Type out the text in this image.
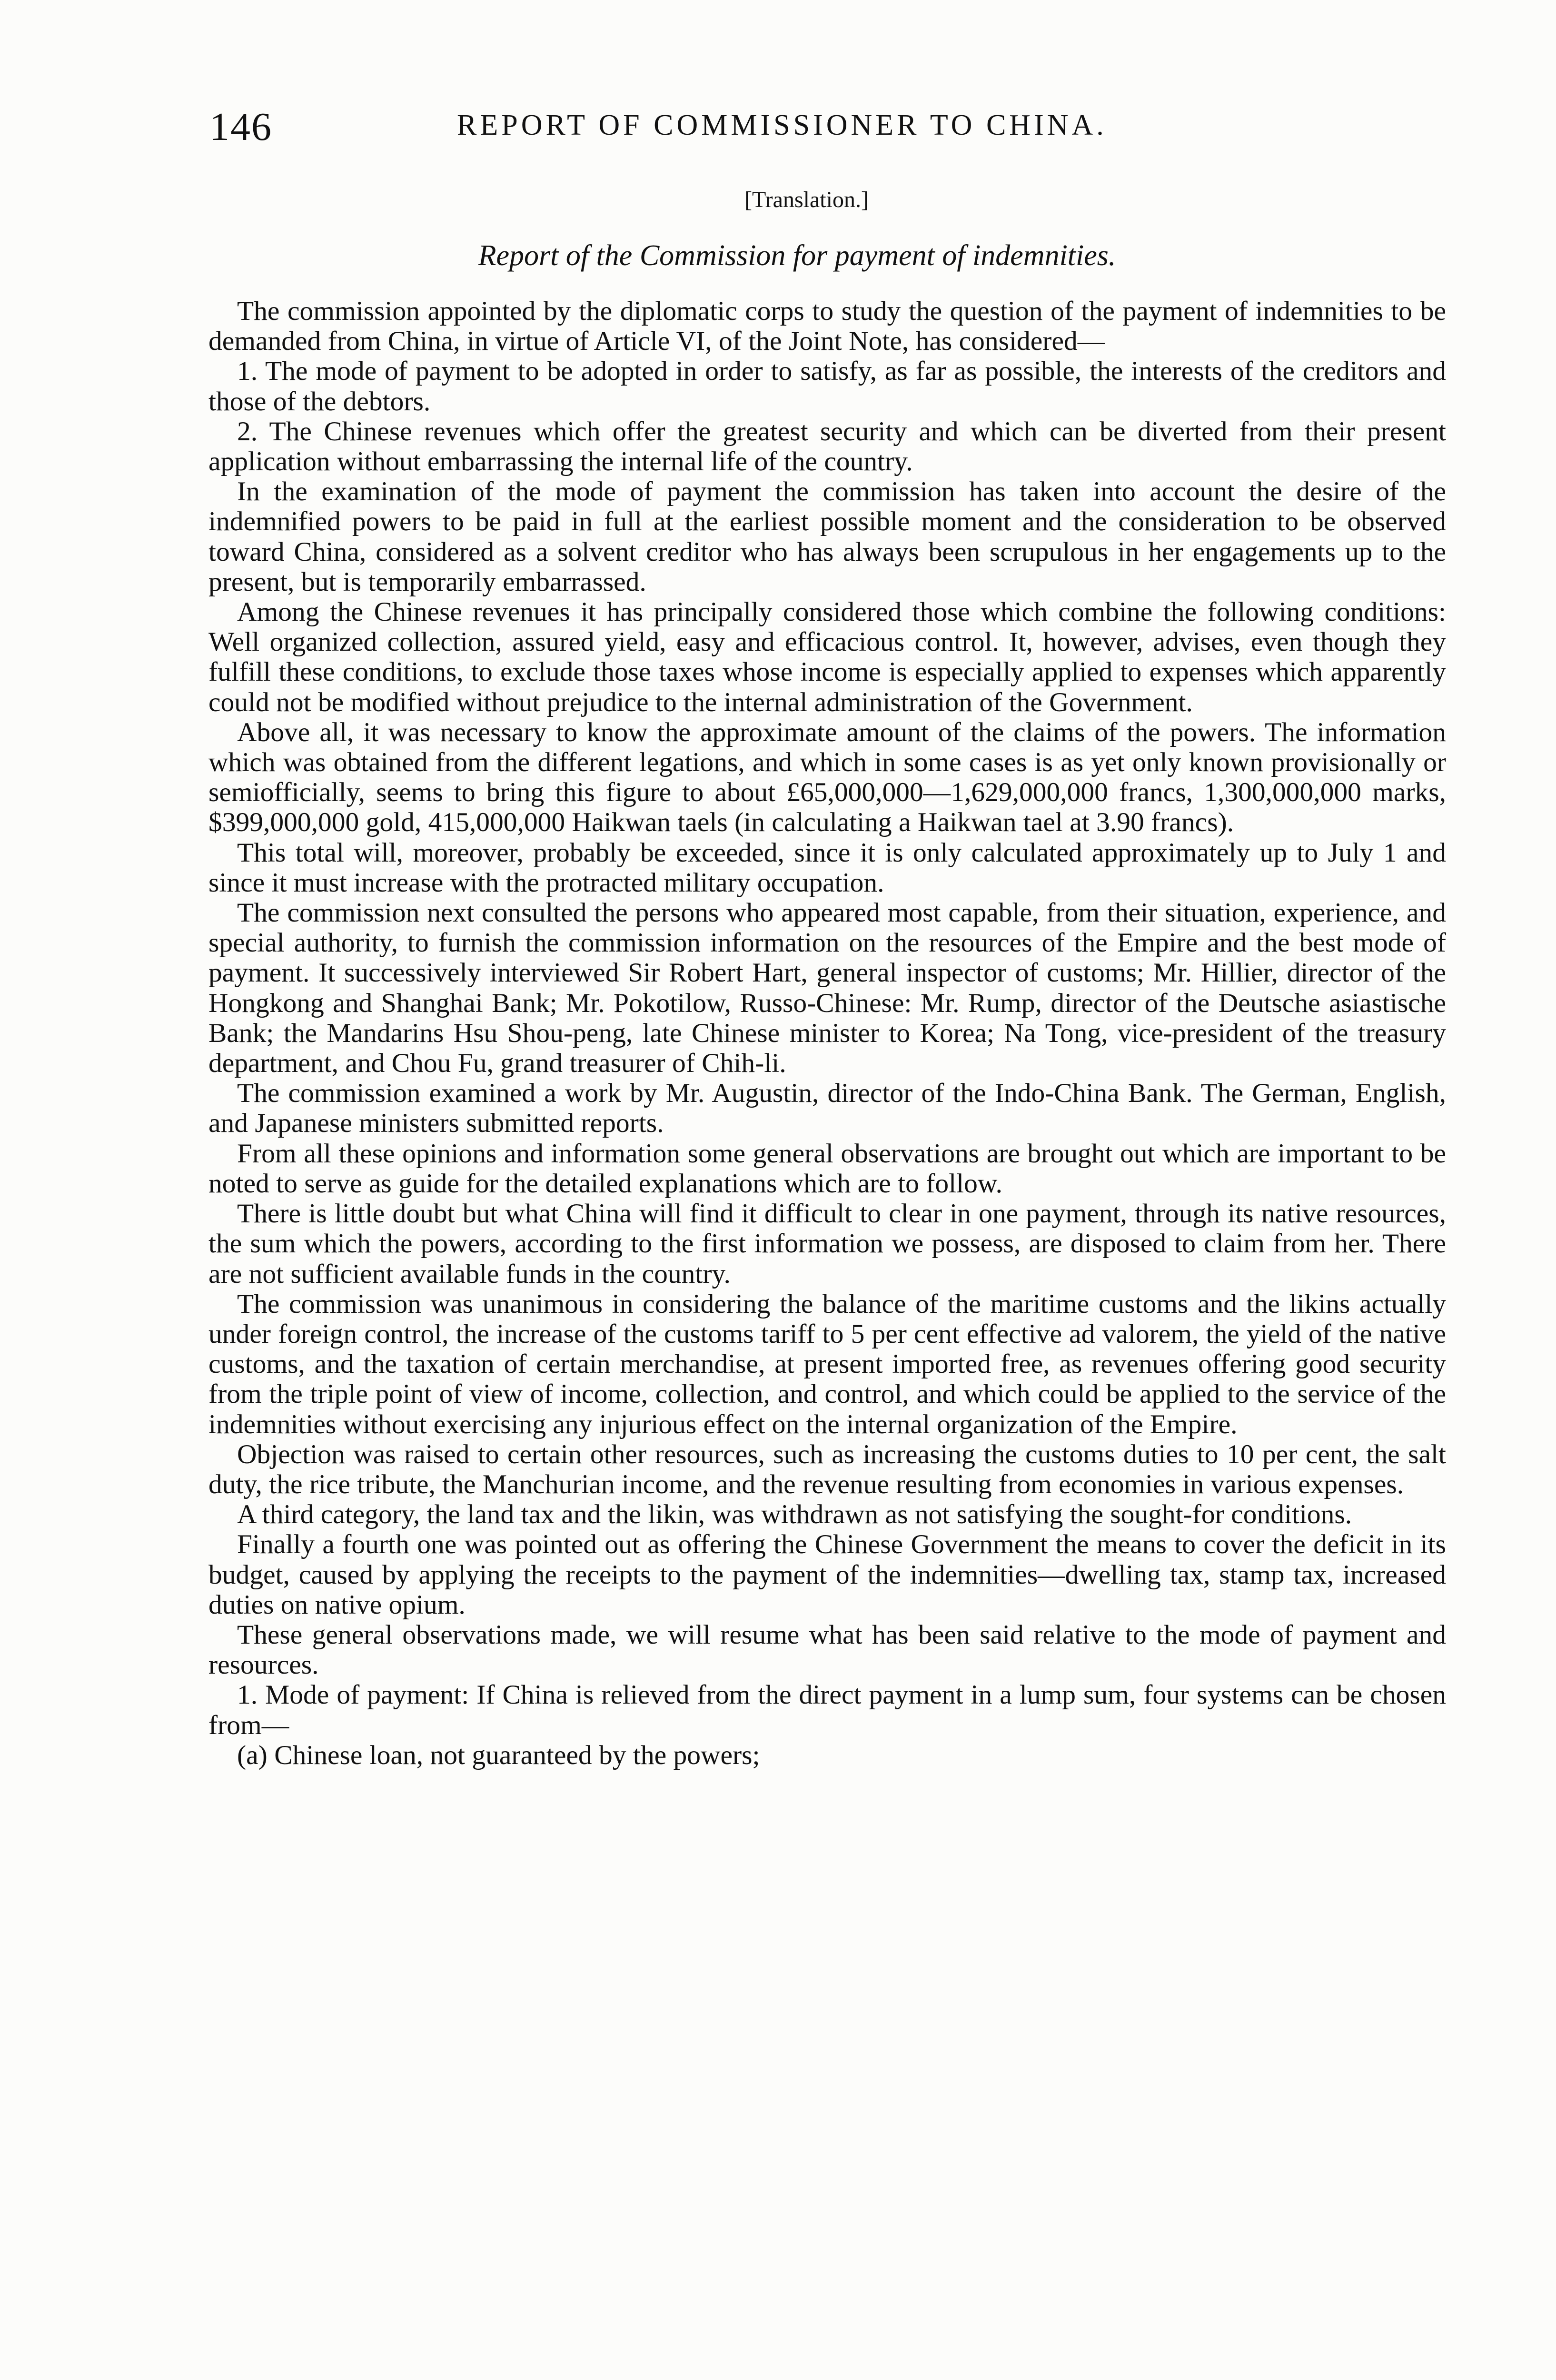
146	REPORT OF COMMISSIONER TO CHINA.
[Translation.]
Report of the Commission for payment of indemnities.

The commission appointed by the diplomatic corps to study the question of the payment of indemnities to be demanded from China, in virtue of Article VI, of the Joint Note, has considered—

1. The mode of payment to be adopted in order to satisfy, as far as possible, the interests of the creditors and those of the debtors.

2. The Chinese revenues which offer the greatest security and which can be diverted from their present application without embarrassing the internal life of the country.

In the examination of the mode of payment the commission has taken into account the desire of the indemnified powers to be paid in full at the earliest possible moment and the consideration to be observed toward China, considered as a solvent creditor who has always been scrupulous in her engagements up to the present, but is temporarily embarrassed.

Among the Chinese revenues it has principally considered those which combine the following conditions: Well organized collection, assured yield, easy and efficacious control. It, however, advises, even though they fulfill these conditions, to exclude those taxes whose income is especially applied to expenses which apparently could not be modified without prejudice to the internal administration of the Government.

Above all, it was necessary to know the approximate amount of the claims of the powers. The information which was obtained from the different legations, and which in some cases is as yet only known provisionally or semiofficially, seems to bring this figure to about £65,000,000—1,629,000,000 francs, 1,300,000,000 marks, $399,000,000 gold, 415,000,000 Haikwan taels (in calculating a Haikwan tael at 3.90 francs).

This total will, moreover, probably be exceeded, since it is only calculated approximately up to July 1 and since it must increase with the protracted military occupation.

The commission next consulted the persons who appeared most capable, from their situation, experience, and special authority, to furnish the commission information on the resources of the Empire and the best mode of payment. It successively interviewed Sir Robert Hart, general inspector of customs; Mr. Hillier, director of the Hongkong and Shanghai Bank; Mr. Pokotilow, Russo-Chinese: Mr. Rump, director of the Deutsche asiastische Bank; the Mandarins Hsu Shou-peng, late Chinese minister to Korea; Na Tong, vice-president of the treasury department, and Chou Fu, grand treasurer of Chih-li.

The commission examined a work by Mr. Augustin, director of the Indo-China Bank. The German, English, and Japanese ministers submitted reports.

From all these opinions and information some general observations are brought out which are important to be noted to serve as guide for the detailed explanations which are to follow.

There is little doubt but what China will find it difficult to clear in one payment, through its native resources, the sum which the powers, according to the first information we possess, are disposed to claim from her. There are not sufficient available funds in the country.

The commission was unanimous in considering the balance of the maritime customs and the likins actually under foreign control, the increase of the customs tariff to 5 per cent effective ad valorem, the yield of the native customs, and the taxation of certain merchandise, at present imported free, as revenues offering good security from the triple point of view of income, collection, and control, and which could be applied to the service of the indemnities without exercising any injurious effect on the internal organization of the Empire.

Objection was raised to certain other resources, such as increasing the customs duties to 10 per cent, the salt duty, the rice tribute, the Manchurian income, and the revenue resulting from economies in various expenses.

A third category, the land tax and the likin, was withdrawn as not satisfying the sought-for conditions.

Finally a fourth one was pointed out as offering the Chinese Government the means to cover the deficit in its budget, caused by applying the receipts to the payment of the indemnities—dwelling tax, stamp tax, increased duties on native opium.

These general observations made, we will resume what has been said relative to the mode of payment and resources.

1. Mode of payment: If China is relieved from the direct payment in a lump sum, four systems can be chosen from—

(a) Chinese loan, not guaranteed by the powers;
